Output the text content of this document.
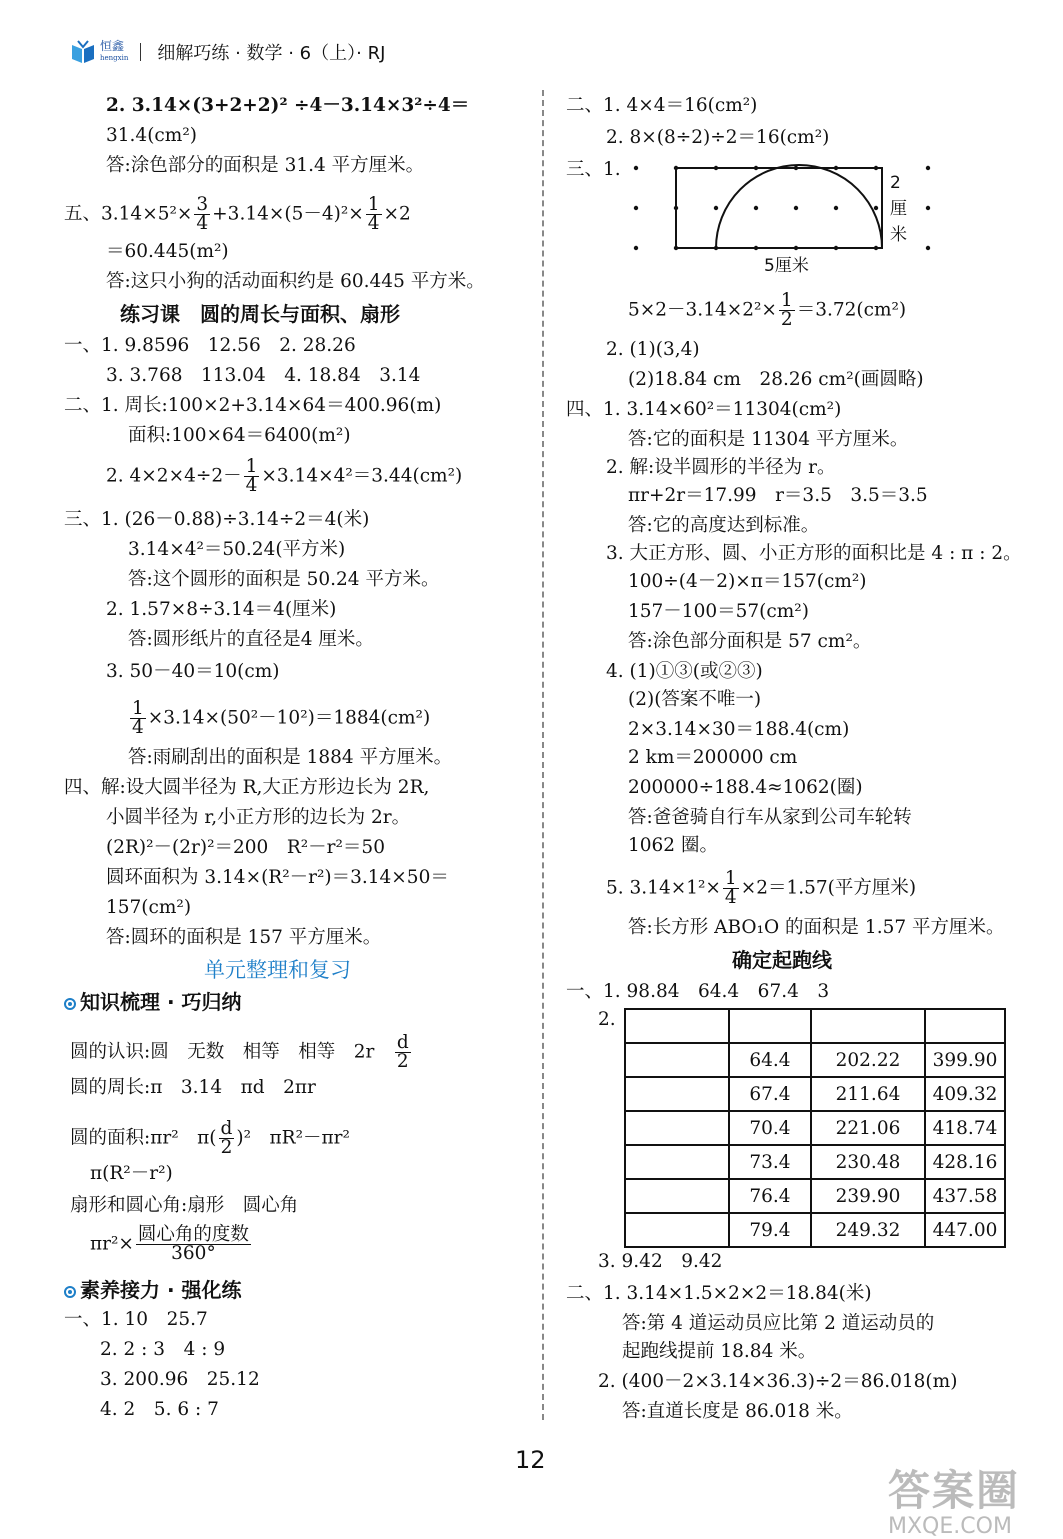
恒鑫
hengxin 细解巧练 · 数学 · 6（上）· RJ
2. 3.14×(3+2+2)² ÷4－3.14×3²÷4＝
31.4(cm²)
答:涂色部分的面积是 31.4 平方厘米。
五、$3.14\times 5^2\times \frac{3}{4} +3.14\times(5-4)^2\times \frac{1}{4} \times 2$
＝60.445(m²)
答:这只小狗的活动面积约是 60.445 平方米。
练习课　圆的周长与面积、扇形
一、1. 9.8596　12.56　2. 28.26
3. 3.768　113.04　4. 18.84　3.14
二、1. 周长:100×2+3.14×64＝400.96(m)
面积:100×64＝6400(m²)
2. $4\times 2\times 4\div 2- \frac{1}{4} \times 3.14\times 4^2=3.44(cm^2)$
三、1. (26－0.88)÷3.14÷2＝4(米)
3.14×4²＝50.24(平方米)
答:这个圆形的面积是 50.24 平方米。
2. 1.57×8÷3.14＝4(厘米)
答:圆形纸片的直径是4 厘米。
3. 50－40＝10(cm)
$\frac{1}{4} \times 3.14\times(50^2-10^2)=1884(cm^2)$
答:雨刷刮出的面积是 1884 平方厘米。
四、解:设大圆半径为 R,大正方形边长为 2R,
小圆半径为 r,小正方形的边长为 2r。
(2R)²－(2r)²＝200　R²－r²＝50
圆环面积为 3.14×(R²－r²)＝3.14×50＝
157(cm²)
答:圆环的面积是 157 平方厘米。
单元整理和复习
知识梳理 · 巧归纳
圆的认识:圆　无数　相等　相等　2r　 $\frac{d}{2}$
圆的周长:π　3.14　πd　2πr
圆的面积:πr²　$\pi( \frac{d}{2} )^2$　πR²－πr²
π(R²－r²)
扇形和圆心角:扇形　圆心角
$\pi r^2\times \frac{\text{圆心角的度数}}{360^\circ}$
素养接力 · 强化练
一、1. 10　25.7
2. 2 : 3　4 : 9
3. 200.96　25.12
4. 2　5. 6 : 7
二、1. 4×4＝16(cm²)
2. 8×(8÷2)÷2＝16(cm²)
三、1.
2厘米
5厘米
$5\times 2-3.14\times 2^2\times \frac{1}{2} =3.72(cm^2)$
2. (1)(3,4)
(2)18.84 cm　28.26 cm²(画圆略)
四、1. 3.14×60²＝11304(cm²)
答:它的面积是 11304 平方厘米。
2. 解:设半圆形的半径为 r。
πr+2r＝17.99　r＝3.5　3.5＝3.5
答:它的高度达到标准。
3. 大正方形、圆、小正方形的面积比是 4 : π : 2。
100÷(4－2)×π＝157(cm²)
157－100＝57(cm²)
答:涂色部分面积是 57 cm²。
4. (1)①③(或②③)
(2)(答案不唯一)
2×3.14×30＝188.4(cm)
2 km＝200000 cm
200000÷188.4≈1062(圈)
答:爸爸骑自行车从家到公司车轮转
1062 圈。
5. $3.14\times 1^2\times \frac{1}{4} \times 2=1.57$(平方厘米)
答:长方形 ABO₁O 的面积是 1.57 平方厘米。
确定起跑线
一、1. 98.84　64.4　67.4　3
2.

	64.4	202.22	399.90
	67.4	211.64	409.32
	70.4	221.06	418.74
	73.4	230.48	428.16
	76.4	239.90	437.58
	79.4	249.32	447.00
3. 9.42　9.42
二、1. 3.14×1.5×2×2＝18.84(米)
答:第 4 道运动员应比第 2 道运动员的
起跑线提前 18.84 米。
2. (400－2×3.14×36.3)÷2＝86.018(m)
答:直道长度是 86.018 米。
12
答案圈
MXQE.COM
